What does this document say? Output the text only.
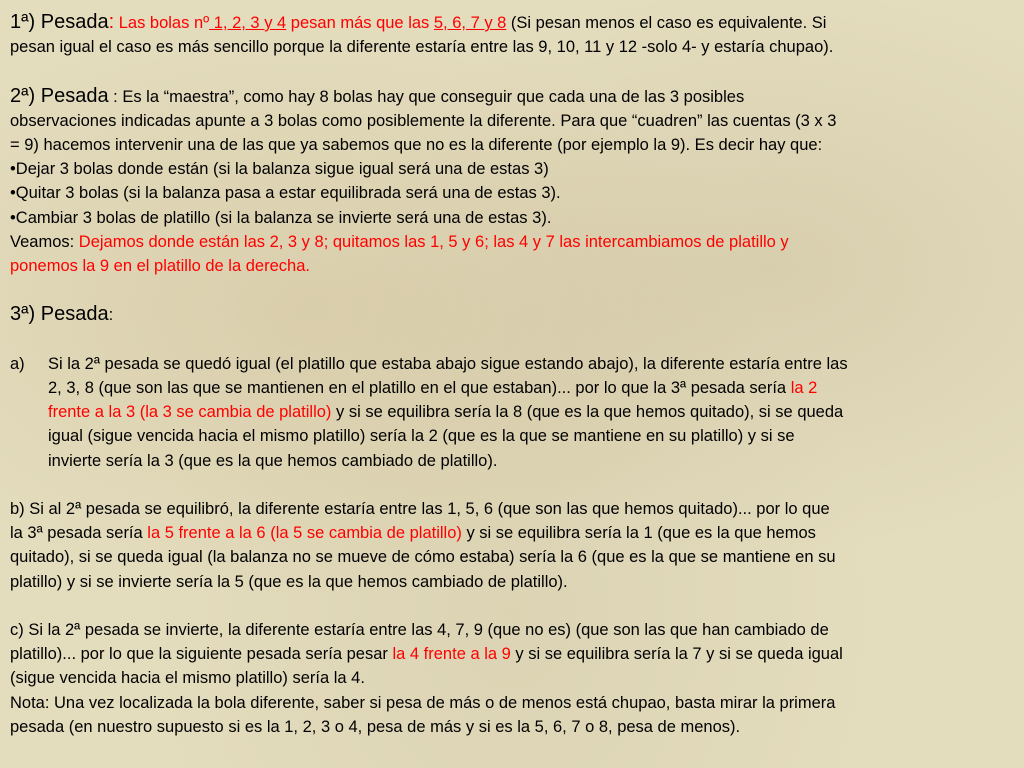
1ª) Pesada: Las bolas nº 1, 2, 3 y 4 pesan más que las 5, 6, 7 y 8 (Si pesan menos el caso es equivalente. Si
pesan igual el caso es más sencillo porque la diferente estaría entre las 9, 10, 11 y 12 -solo 4- y estaría chupao).
2ª) Pesada : Es la “maestra”, como hay 8 bolas hay que conseguir que cada una de las 3 posibles
observaciones indicadas apunte a 3 bolas como posiblemente la diferente. Para que “cuadren” las cuentas (3 x 3
= 9) hacemos intervenir una de las que ya sabemos que no es la diferente (por ejemplo la 9). Es decir hay que:
•Dejar 3 bolas donde están (si la balanza sigue igual será una de estas 3)
•Quitar 3 bolas (si la balanza pasa a estar equilibrada será una de estas 3).
•Cambiar 3 bolas de platillo (si la balanza se invierte será una de estas 3).
Veamos: Dejamos donde están las 2, 3 y 8; quitamos las 1, 5 y 6; las 4 y 7 las intercambiamos de platillo y
ponemos la 9 en el platillo de la derecha.
3ª) Pesada:
a) Si la 2ª pesada se quedó igual (el platillo que estaba abajo sigue estando abajo), la diferente estaría entre las
2, 3, 8 (que son las que se mantienen en el platillo en el que estaban)... por lo que la 3ª pesada sería la 2
frente a la 3 (la 3 se cambia de platillo) y si se equilibra sería la 8 (que es la que hemos quitado), si se queda
igual (sigue vencida hacia el mismo platillo) sería la 2 (que es la que se mantiene en su platillo) y si se
invierte sería la 3 (que es la que hemos cambiado de platillo).
b) Si al 2ª pesada se equilibró, la diferente estaría entre las 1, 5, 6 (que son las que hemos quitado)... por lo que
la 3ª pesada sería la 5 frente a la 6 (la 5 se cambia de platillo) y si se equilibra sería la 1 (que es la que hemos
quitado), si se queda igual (la balanza no se mueve de cómo estaba) sería la 6 (que es la que se mantiene en su
platillo) y si se invierte sería la 5 (que es la que hemos cambiado de platillo).
c) Si la 2ª pesada se invierte, la diferente estaría entre las 4, 7, 9 (que no es) (que son las que han cambiado de
platillo)... por lo que la siguiente pesada sería pesar la 4 frente a la 9 y si se equilibra sería la 7 y si se queda igual
(sigue vencida hacia el mismo platillo) sería la 4.
Nota: Una vez localizada la bola diferente, saber si pesa de más o de menos está chupao, basta mirar la primera
pesada (en nuestro supuesto si es la 1, 2, 3 o 4, pesa de más y si es la 5, 6, 7 o 8, pesa de menos).
